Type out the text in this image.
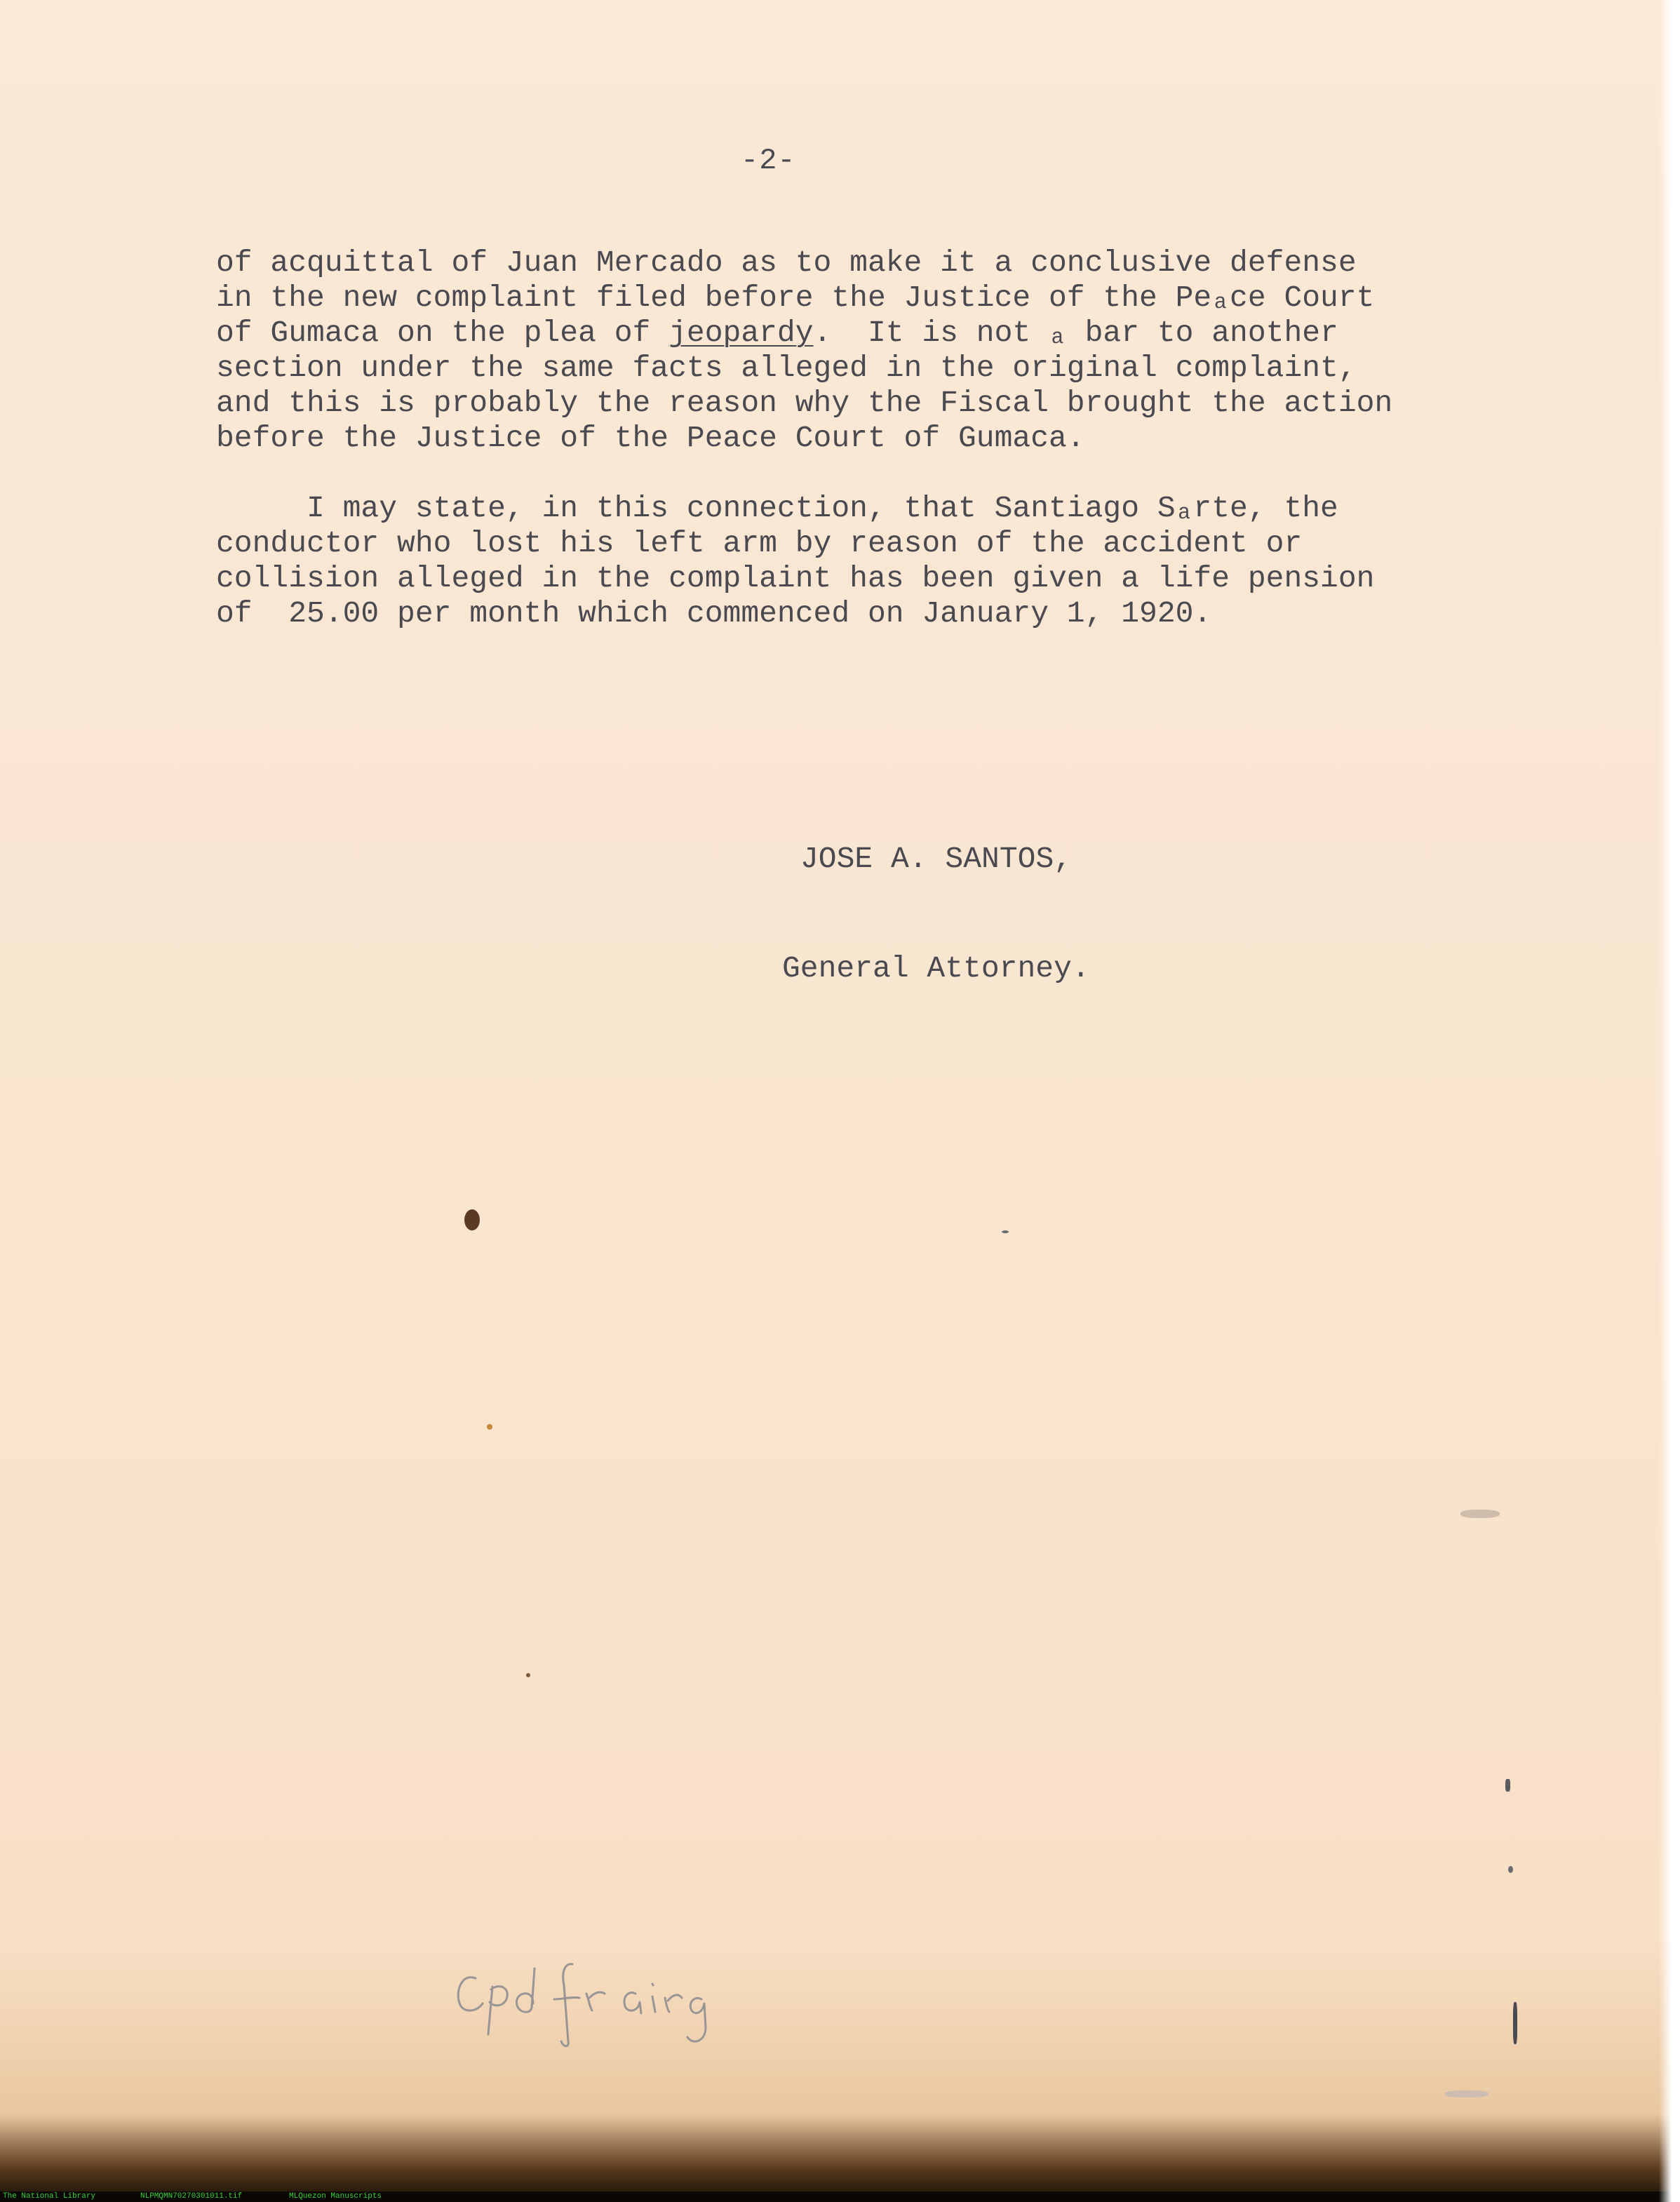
-2-

of acquittal of Juan Mercado as to make it a conclusive defense
in the new complaint filed before the Justice of the Peₐce Court
of Gumaca on the plea of jeopardy.  It is not ₐ bar to another
section under the same facts alleged in the original complaint,
and this is probably the reason why the Fiscal brought the action
before the Justice of the Peace Court of Gumaca.

I may state, in this connection, that Santiago Sₐrte, the
conductor who lost his left arm by reason of the accident or
collision alleged in the complaint has been given a life pension
of  25.00 per month which commenced on January 1, 1920.

JOSE A. SANTOS,

General Attorney.

The National Library	NLPMQMN70270301011.tif	MLQuezon Manuscripts
